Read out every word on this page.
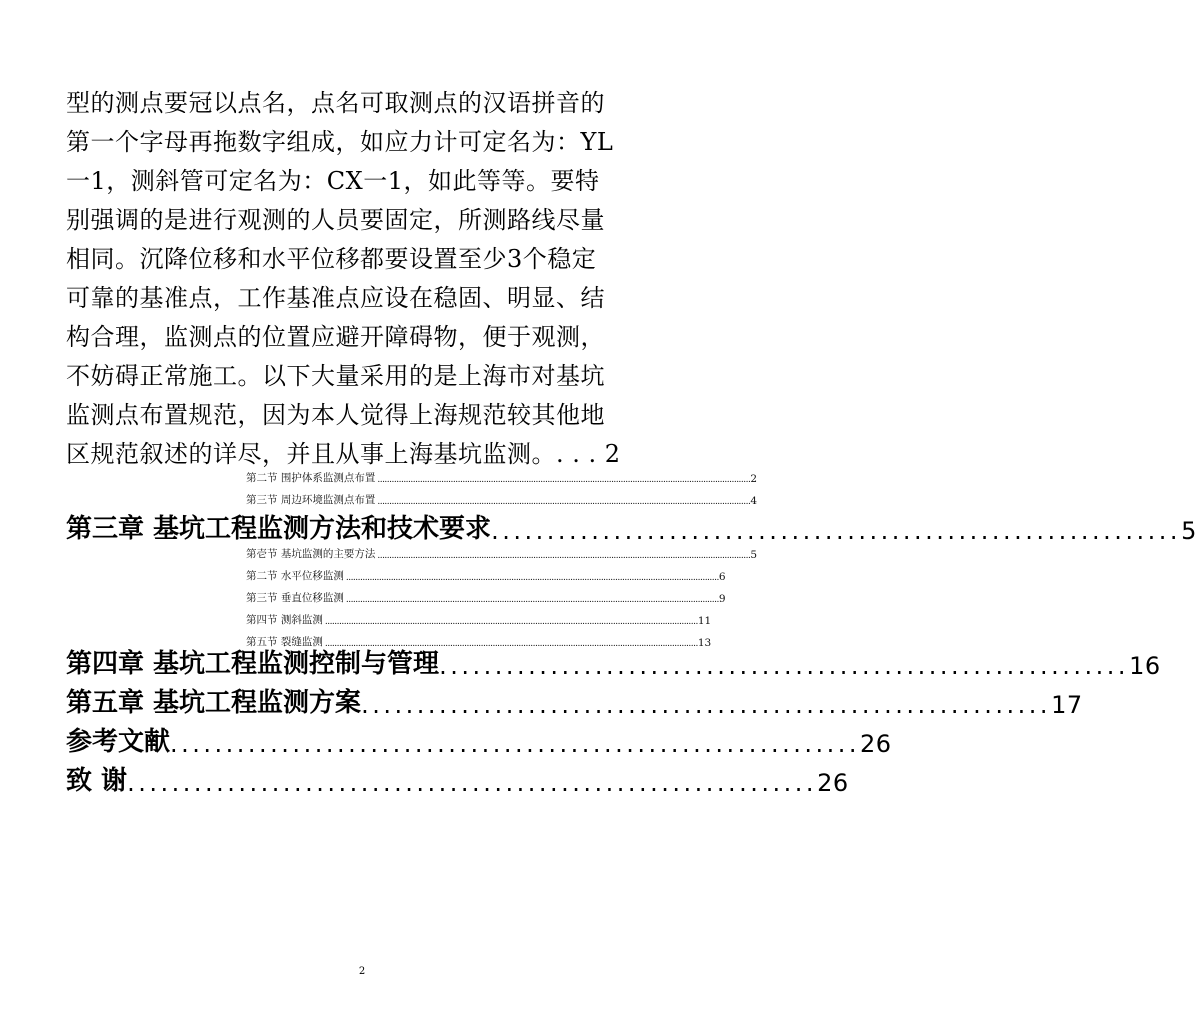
型的测点要冠以点名，点名可取测点的汉语拼音的
第一个字母再拖数字组成，如应力计可定名为：YL
一1，测斜管可定名为：CX一1，如此等等。要特
别强调的是进行观测的人员要固定，所测路线尽量
相同。沉降位移和水平位移都要设置至少3个稳定
可靠的基准点，工作基准点应设在稳固、明显、结
构合理，监测点的位置应避开障碍物，便于观测，
不妨碍正常施工。以下大量采用的是上海市对基坑
监测点布置规范，因为本人觉得上海规范较其他地
区规范叙述的详尽，并且从事上海基坑监测。. . . 2
第二节 围护体系监测点布置 .............................................................................................................................................................. 2
第三节 周边环境监测点布置 .............................................................................................................................................................. 4
第三章 基坑工程监测方法和技术要求 .............................................................. 5
第壱节 基坑监测的主要方法 .............................................................................................................................................................. 5
第二节 水平位移监测 .............................................................................................................................................................. 6
第三节 垂直位移监测 .............................................................................................................................................................. 9
第四节 测斜监测 .............................................................................................................................................................. 11
第五节 裂缝监测 .............................................................................................................................................................. 13
第四章 基坑工程监测控制与管理 .............................................................. 16
第五章 基坑工程监测方案 .............................................................. 17
参考文献 .............................................................. 26
致 谢 .............................................................. 26
2
